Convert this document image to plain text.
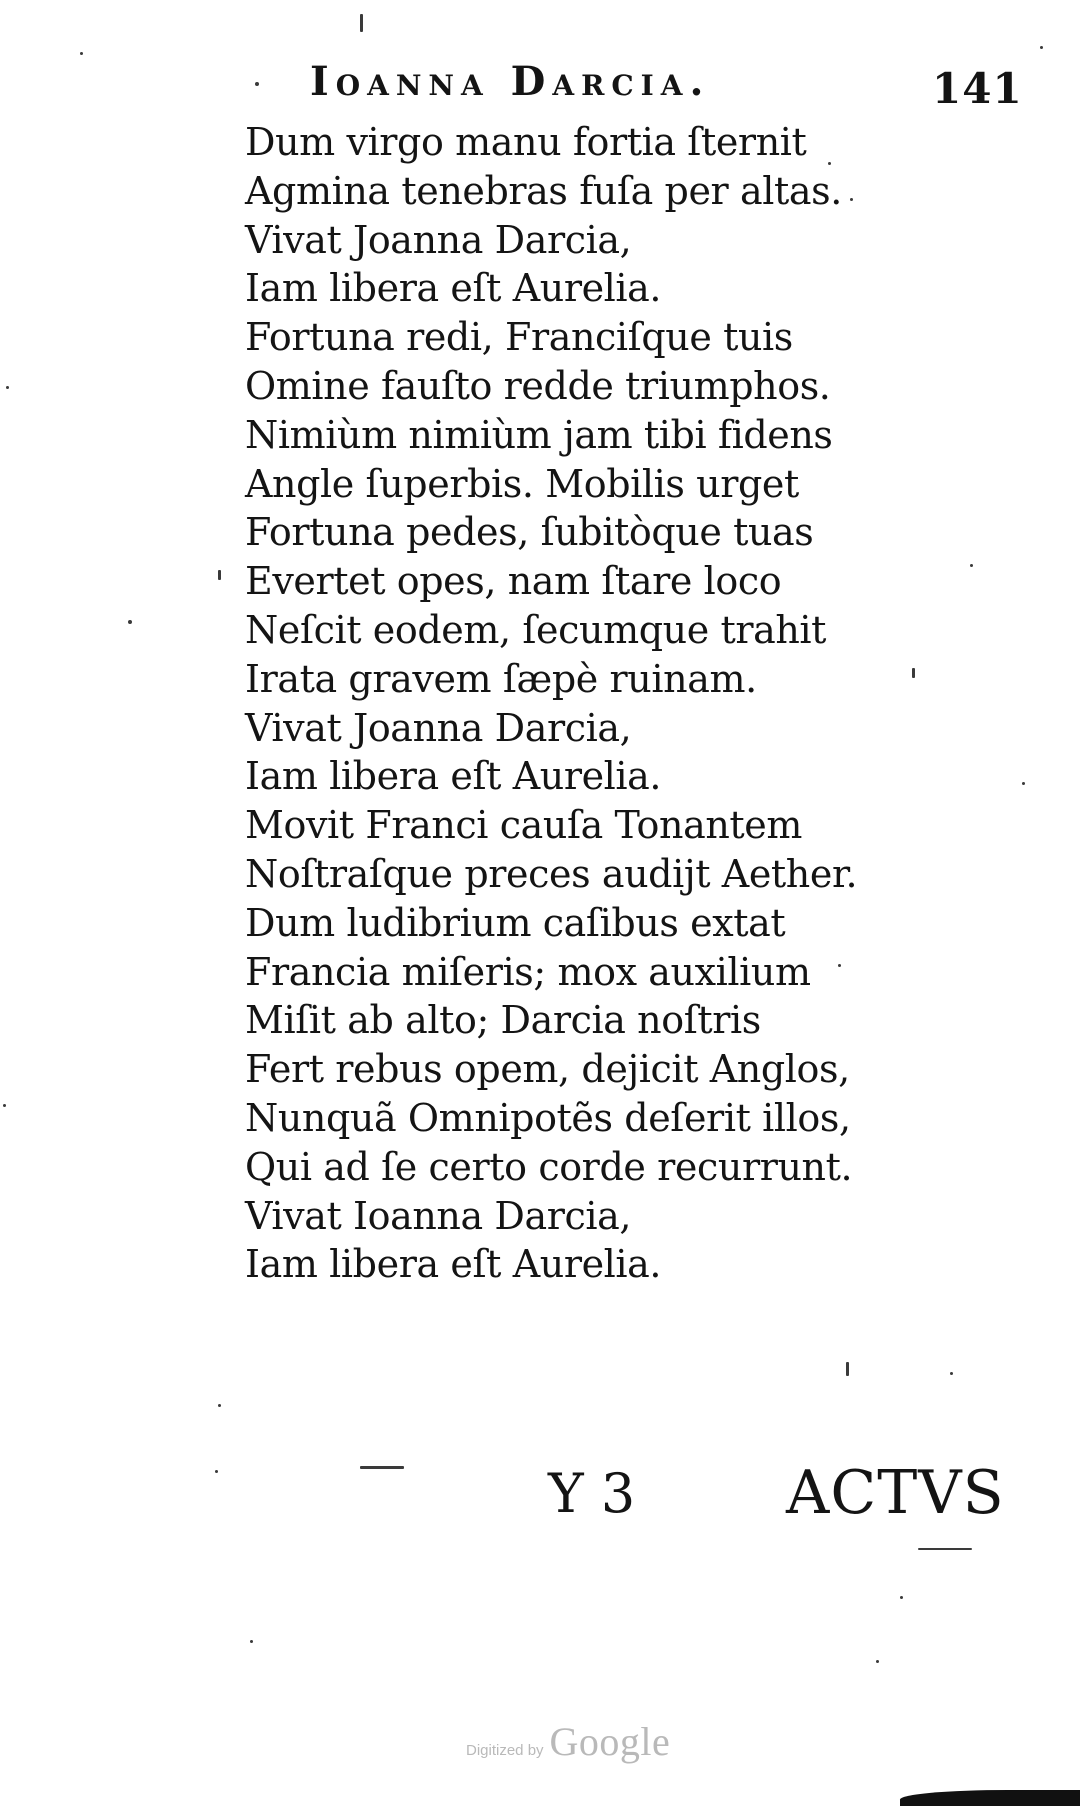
Ioanna Darcia.	141
Dum virgo manu fortia ſternit
Agmina tenebras fuſa per altas.
Vivat Joanna Darcia,
Iam libera eſt Aurelia.
Fortuna redi, Franciſque tuis
Omine fauſto redde triumphos.
Nimiùm nimiùm jam tibi fidens
Angle ſuperbis. Mobilis urget
Fortuna pedes, ſubitòque tuas
Evertet opes, nam ſtare loco
Neſcit eodem, ſecumque trahit
Irata gravem ſæpè ruinam.
Vivat Joanna Darcia,
Iam libera eſt Aurelia.
Movit Franci cauſa Tonantem
Noſtraſque preces audijt Aether.
Dum ludibrium caſibus extat
Francia miſeris; mox auxilium
Miſit ab alto; Darcia noſtris
Fert rebus opem, dejicit Anglos,
Nunquã Omnipotẽs deſerit illos,
Qui ad ſe certo corde recurrunt.
Vivat Ioanna Darcia,
Iam libera eſt Aurelia.
Y 3	ACTVS
Digitized by Google
